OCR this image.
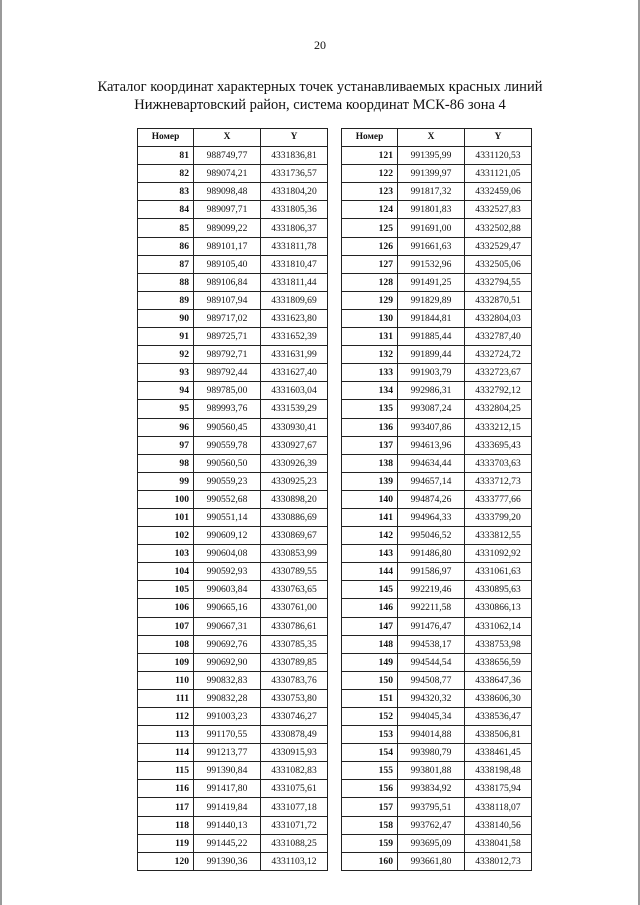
20
Каталог координат характерных точек устанавливаемых красных линий
Нижневартовский район, система координат МСК-86 зона 4
Номер	X	Y
81	988749,77	4331836,81
82	989074,21	4331736,57
83	989098,48	4331804,20
84	989097,71	4331805,36
85	989099,22	4331806,37
86	989101,17	4331811,78
87	989105,40	4331810,47
88	989106,84	4331811,44
89	989107,94	4331809,69
90	989717,02	4331623,80
91	989725,71	4331652,39
92	989792,71	4331631,99
93	989792,44	4331627,40
94	989785,00	4331603,04
95	989993,76	4331539,29
96	990560,45	4330930,41
97	990559,78	4330927,67
98	990560,50	4330926,39
99	990559,23	4330925,23
100	990552,68	4330898,20
101	990551,14	4330886,69
102	990609,12	4330869,67
103	990604,08	4330853,99
104	990592,93	4330789,55
105	990603,84	4330763,65
106	990665,16	4330761,00
107	990667,31	4330786,61
108	990692,76	4330785,35
109	990692,90	4330789,85
110	990832,83	4330783,76
111	990832,28	4330753,80
112	991003,23	4330746,27
113	991170,55	4330878,49
114	991213,77	4330915,93
115	991390,84	4331082,83
116	991417,80	4331075,61
117	991419,84	4331077,18
118	991440,13	4331071,72
119	991445,22	4331088,25
120	991390,36	4331103,12
Номер	X	Y
121	991395,99	4331120,53
122	991399,97	4331121,05
123	991817,32	4332459,06
124	991801,83	4332527,83
125	991691,00	4332502,88
126	991661,63	4332529,47
127	991532,96	4332505,06
128	991491,25	4332794,55
129	991829,89	4332870,51
130	991844,81	4332804,03
131	991885,44	4332787,40
132	991899,44	4332724,72
133	991903,79	4332723,67
134	992986,31	4332792,12
135	993087,24	4332804,25
136	993407,86	4333212,15
137	994613,96	4333695,43
138	994634,44	4333703,63
139	994657,14	4333712,73
140	994874,26	4333777,66
141	994964,33	4333799,20
142	995046,52	4333812,55
143	991486,80	4331092,92
144	991586,97	4331061,63
145	992219,46	4330895,63
146	992211,58	4330866,13
147	991476,47	4331062,14
148	994538,17	4338753,98
149	994544,54	4338656,59
150	994508,77	4338647,36
151	994320,32	4338606,30
152	994045,34	4338536,47
153	994014,88	4338506,81
154	993980,79	4338461,45
155	993801,88	4338198,48
156	993834,92	4338175,94
157	993795,51	4338118,07
158	993762,47	4338140,56
159	993695,09	4338041,58
160	993661,80	4338012,73
